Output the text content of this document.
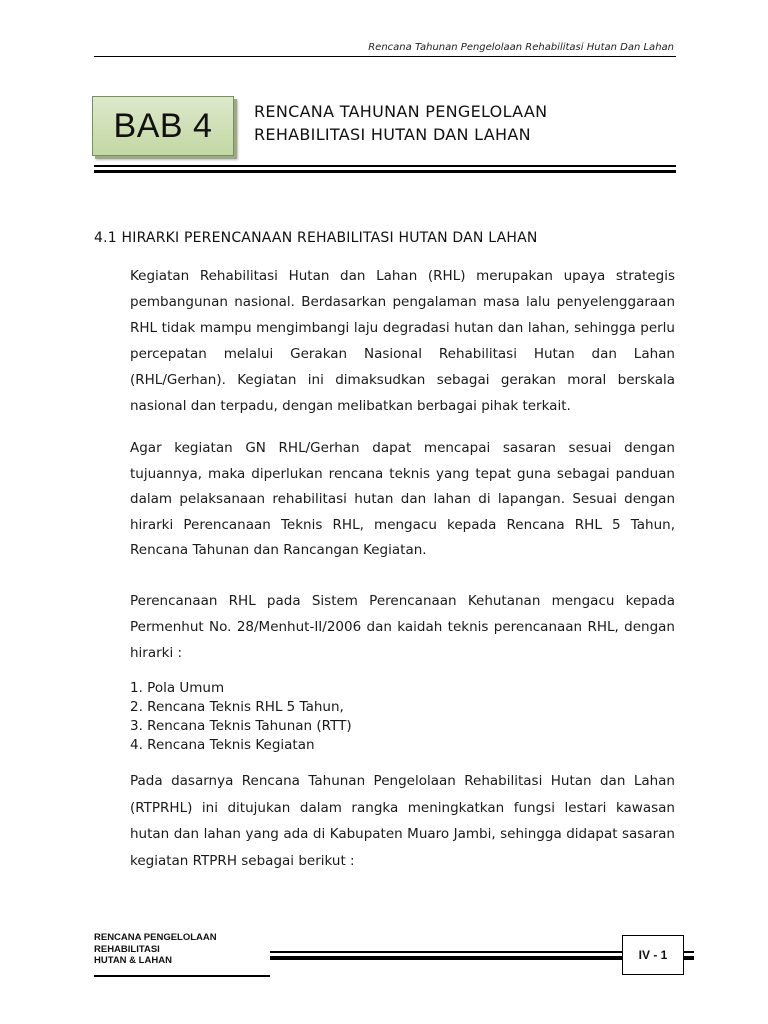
Rencana Tahunan Pengelolaan Rehabilitasi Hutan Dan Lahan
BAB 4	RENCANA TAHUNAN PENGELOLAAN
REHABILITASI HUTAN DAN LAHAN
4.1 HIRARKI PERENCANAAN REHABILITASI HUTAN DAN LAHAN

Kegiatan Rehabilitasi Hutan dan Lahan (RHL) merupakan upaya strategis pembangunan nasional. Berdasarkan pengalaman masa lalu penyelenggaraan RHL tidak mampu mengimbangi laju degradasi hutan dan lahan, sehingga perlu percepatan melalui Gerakan Nasional Rehabilitasi Hutan dan Lahan (RHL/Gerhan). Kegiatan ini dimaksudkan sebagai gerakan moral berskala nasional dan terpadu, dengan melibatkan berbagai pihak terkait.

Agar kegiatan GN RHL/Gerhan dapat mencapai sasaran sesuai dengan tujuannya, maka diperlukan rencana teknis yang tepat guna sebagai panduan dalam pelaksanaan rehabilitasi hutan dan lahan di lapangan. Sesuai dengan hirarki Perencanaan Teknis RHL, mengacu kepada Rencana RHL 5 Tahun, Rencana Tahunan dan Rancangan Kegiatan.

Perencanaan RHL pada Sistem Perencanaan Kehutanan mengacu kepada Permenhut No. 28/Menhut-II/2006 dan kaidah teknis perencanaan RHL, dengan hirarki :

1. Pola Umum
2. Rencana Teknis RHL 5 Tahun,
3. Rencana Teknis Tahunan (RTT)
4. Rencana Teknis Kegiatan

Pada dasarnya Rencana Tahunan Pengelolaan Rehabilitasi Hutan dan Lahan (RTPRHL) ini ditujukan dalam rangka meningkatkan fungsi lestari kawasan hutan dan lahan yang ada di Kabupaten Muaro Jambi, sehingga didapat sasaran kegiatan RTPRH sebagai berikut :

RENCANA PENGELOLAAN
REHABILITASI
HUTAN & LAHAN	IV - 1
